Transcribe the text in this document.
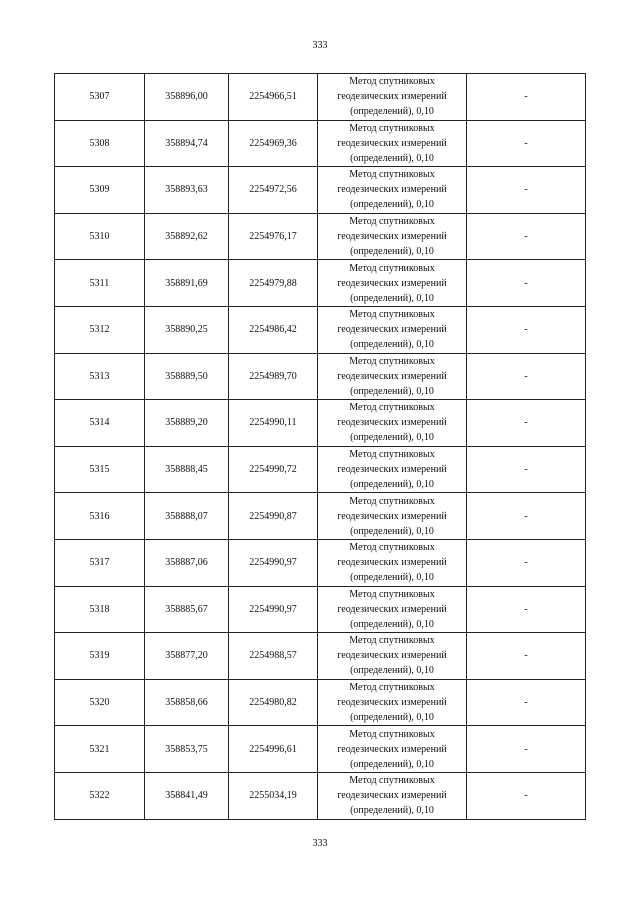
333
5307	358896,00	2254966,51	Метод спутниковых
геодезических измерений
(определений), 0,10	-
5308	358894,74	2254969,36	Метод спутниковых
геодезических измерений
(определений), 0,10	-
5309	358893,63	2254972,56	Метод спутниковых
геодезических измерений
(определений), 0,10	-
5310	358892,62	2254976,17	Метод спутниковых
геодезических измерений
(определений), 0,10	-
5311	358891,69	2254979,88	Метод спутниковых
геодезических измерений
(определений), 0,10	-
5312	358890,25	2254986,42	Метод спутниковых
геодезических измерений
(определений), 0,10	-
5313	358889,50	2254989,70	Метод спутниковых
геодезических измерений
(определений), 0,10	-
5314	358889,20	2254990,11	Метод спутниковых
геодезических измерений
(определений), 0,10	-
5315	358888,45	2254990,72	Метод спутниковых
геодезических измерений
(определений), 0,10	-
5316	358888,07	2254990,87	Метод спутниковых
геодезических измерений
(определений), 0,10	-
5317	358887,06	2254990,97	Метод спутниковых
геодезических измерений
(определений), 0,10	-
5318	358885,67	2254990,97	Метод спутниковых
геодезических измерений
(определений), 0,10	-
5319	358877,20	2254988,57	Метод спутниковых
геодезических измерений
(определений), 0,10	-
5320	358858,66	2254980,82	Метод спутниковых
геодезических измерений
(определений), 0,10	-
5321	358853,75	2254996,61	Метод спутниковых
геодезических измерений
(определений), 0,10	-
5322	358841,49	2255034,19	Метод спутниковых
геодезических измерений
(определений), 0,10	-
333
